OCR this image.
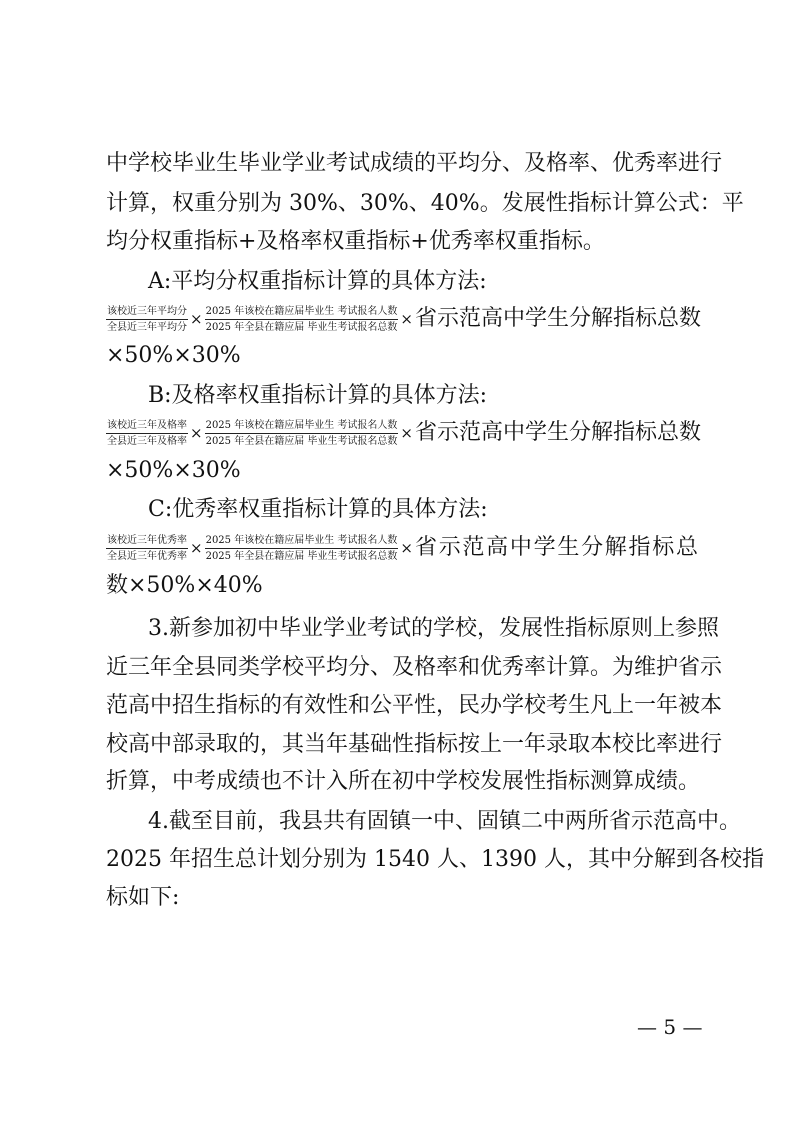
中学校毕业生毕业学业考试成绩的平均分、及格率、优秀率进行
计算，权重分别为 30%、30%、40%。发展性指标计算公式：平
均分权重指标+及格率权重指标+优秀率权重指标。
A:平均分权重指标计算的具体方法:
$\frac{\text{该校近三年平均分}}{\text{全县近三年平均分}} \times \frac{\text{2025 年该校在籍应届毕业生 考试报名人数}}{\text{2025 年全县在籍应届 毕业生考试报名总数}}$ × 省示范高中学生分解指标总数
×50%×30%
B:及格率权重指标计算的具体方法:
$\frac{\text{该校近三年及格率}}{\text{全县近三年及格率}} \times \frac{\text{2025 年该校在籍应届毕业生 考试报名人数}}{\text{2025 年全县在籍应届 毕业生考试报名总数}}$ × 省示范高中学生分解指标总数
×50%×30%
C:优秀率权重指标计算的具体方法:
$\frac{\text{该校近三年优秀率}}{\text{全县近三年优秀率}} \times \frac{\text{2025 年该校在籍应届毕业生 考试报名人数}}{\text{2025 年全县在籍应届 毕业生考试报名总数}}$ × 省示范高中学生分解指标总
数×50%×40%
3.新参加初中毕业学业考试的学校，发展性指标原则上参照
近三年全县同类学校平均分、及格率和优秀率计算。为维护省示
范高中招生指标的有效性和公平性，民办学校考生凡上一年被本
校高中部录取的，其当年基础性指标按上一年录取本校比率进行
折算，中考成绩也不计入所在初中学校发展性指标测算成绩。
4.截至目前，我县共有固镇一中、固镇二中两所省示范高中。
2025 年招生总计划分别为 1540 人、1390 人，其中分解到各校指
标如下:
— 5 —
